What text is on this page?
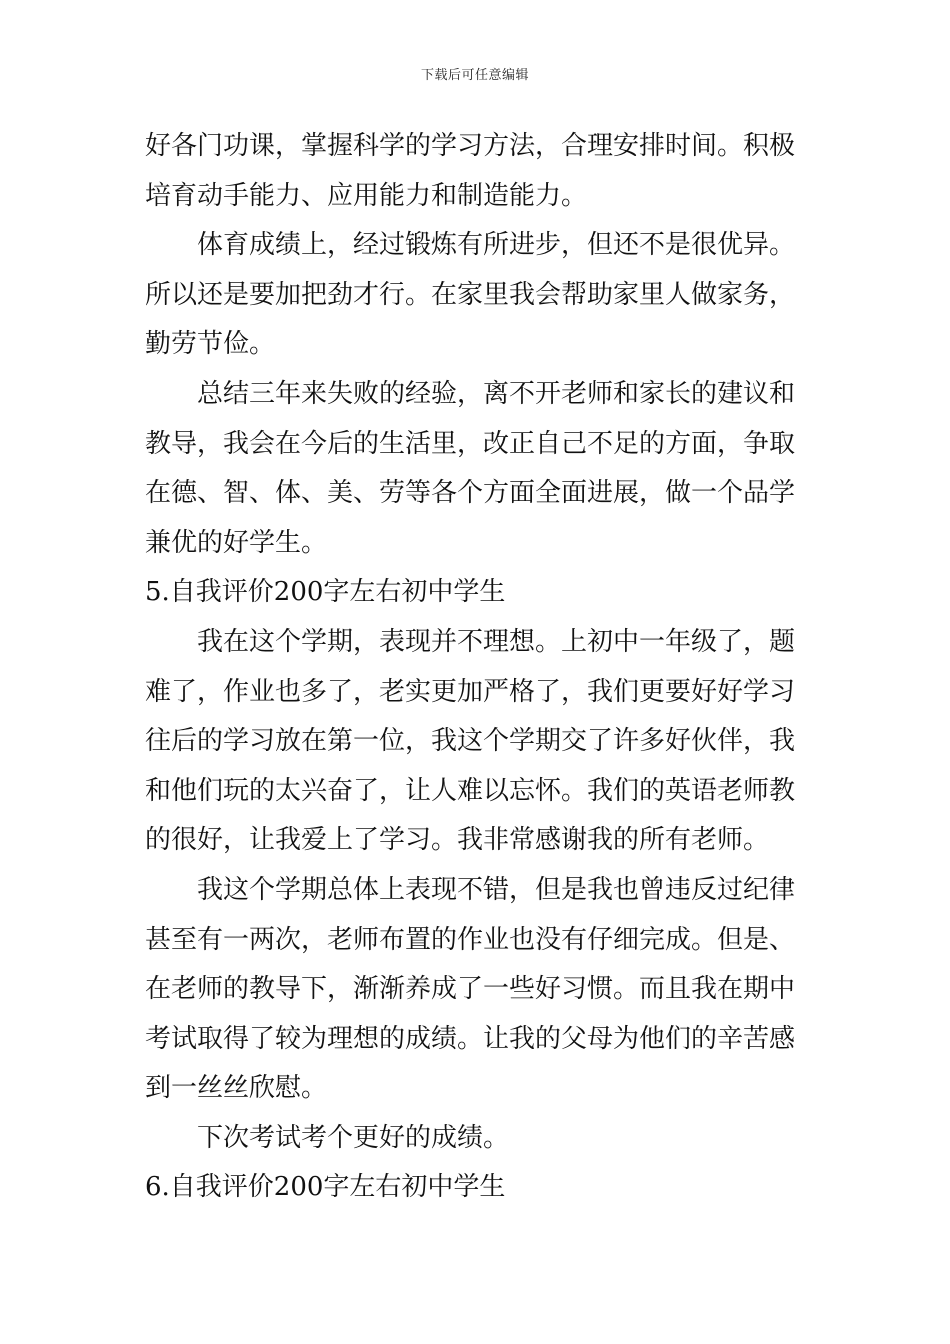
下载后可任意编辑
好各门功课，掌握科学的学习方法，合理安排时间。积极
培育动手能力、应用能力和制造能力。
体育成绩上，经过锻炼有所进步，但还不是很优异。
所以还是要加把劲才行。在家里我会帮助家里人做家务，
勤劳节俭。
总结三年来失败的经验，离不开老师和家长的建议和
教导，我会在今后的生活里，改正自己不足的方面，争取
在德、智、体、美、劳等各个方面全面进展，做一个品学
兼优的好学生。
5.自我评价200字左右初中学生
我在这个学期，表现并不理想。上初中一年级了，题
难了，作业也多了，老实更加严格了，我们更要好好学习
往后的学习放在第一位，我这个学期交了许多好伙伴，我
和他们玩的太兴奋了，让人难以忘怀。我们的英语老师教
的很好，让我爱上了学习。我非常感谢我的所有老师。
我这个学期总体上表现不错，但是我也曾违反过纪律
甚至有一两次，老师布置的作业也没有仔细完成。但是、
在老师的教导下，渐渐养成了一些好习惯。而且我在期中
考试取得了较为理想的成绩。让我的父母为他们的辛苦感
到一丝丝欣慰。
下次考试考个更好的成绩。
6.自我评价200字左右初中学生
